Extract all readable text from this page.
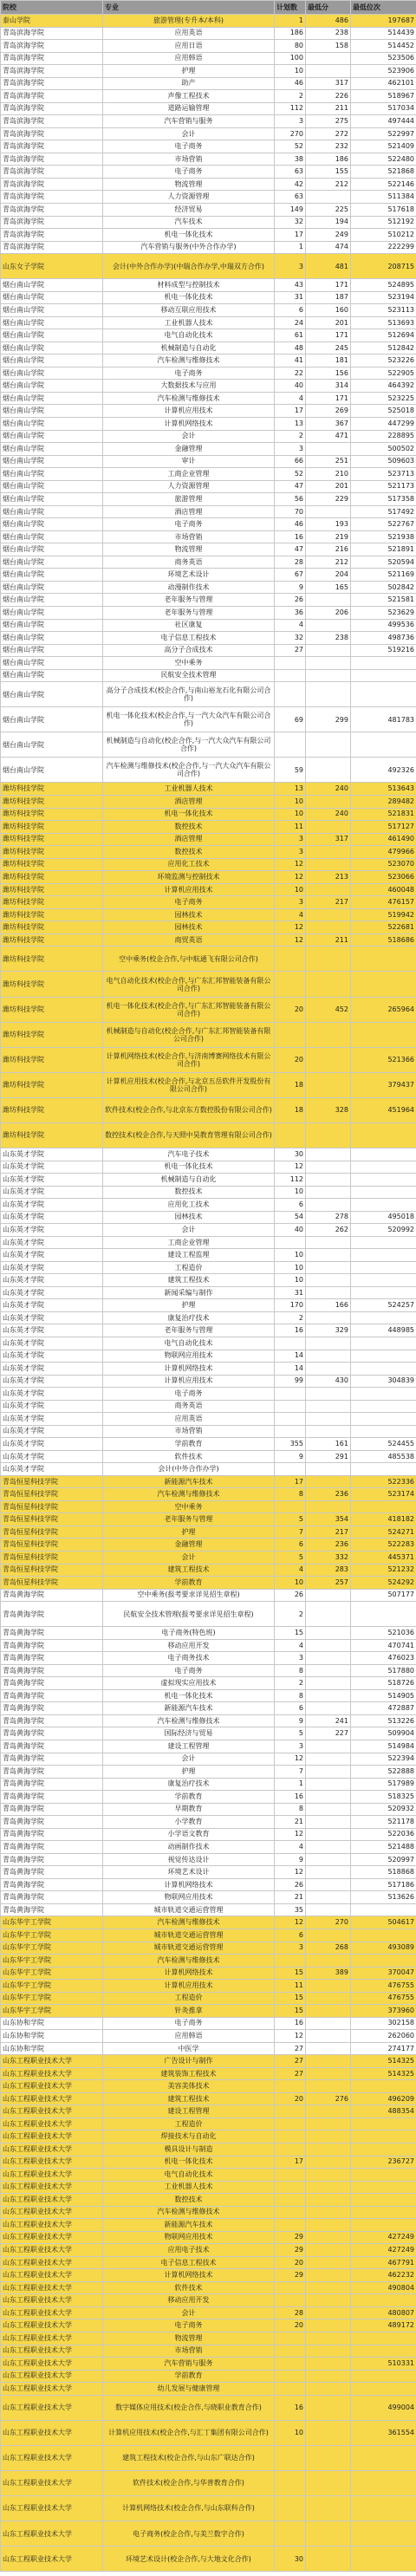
院校	专业	计划数	最低分	最低位次
泰山学院	旅游管理(专升本/本科)	1	486	197687
青岛滨海学院	应用英语	186	238	514439
青岛滨海学院	应用日语	80	158	514452
青岛滨海学院	应用韩语	100		523506
青岛滨海学院	护理	10		523906
青岛滨海学院	助产	46	317	462101
青岛滨海学院	声像工程技术	2	226	518967
青岛滨海学院	道路运输管理	112	211	517034
青岛滨海学院	汽车营销与服务	3	275	497444
青岛滨海学院	会计	270	272	522997
青岛滨海学院	电子商务	52	232	521409
青岛滨海学院	市场营销	38	186	522480
青岛滨海学院	电子商务	63	155	521868
青岛滨海学院	物流管理	42	212	522146
青岛滨海学院	人力资源管理	63		511384
青岛滨海学院	经济贸易	149	225	517618
青岛滨海学院	汽车技术	32	194	512192
青岛滨海学院	机电一体化技术	17	249	510212
青岛滨海学院	汽车营销与服务(中外合作办学)	1	474	222299
山东女子学院	会计(中外合作办学)(中瑞合作办学,中瑞双方合作)	3	481	208715
烟台南山学院	材料成型与控制技术	43	171	524895
烟台南山学院	机电一体化技术	31	187	523194
烟台南山学院	移动互联应用技术	6	160	523113
烟台南山学院	工业机器人技术	24	201	513693
烟台南山学院	电气自动化技术	61	171	512694
烟台南山学院	机械制造与自动化	48	245	512842
烟台南山学院	汽车检测与维修技术	41	181	523226
烟台南山学院	电子商务	22	156	522905
烟台南山学院	大数据技术与应用	40	314	464392
烟台南山学院	汽车检测与维修技术	4	171	523225
烟台南山学院	计算机应用技术	17	269	525018
烟台南山学院	计算机网络技术	13	367	447299
烟台南山学院	会计	2	471	228895
烟台南山学院	金融管理	3		500502
烟台南山学院	审计	66	251	509603
烟台南山学院	工商企业管理	52	210	523713
烟台南山学院	人力资源管理	47	201	521173
烟台南山学院	旅游管理	56	229	517358
烟台南山学院	酒店管理	70		517492
烟台南山学院	电子商务	46	193	522767
烟台南山学院	市场营销	16	219	521938
烟台南山学院	物流管理	47	216	521891
烟台南山学院	商务英语	28	212	520594
烟台南山学院	环境艺术设计	67	204	521169
烟台南山学院	动漫制作技术	9	165	502842
烟台南山学院	老年服务与管理	26		521581
烟台南山学院	老年服务与管理	36	206	523629
烟台南山学院	社区康复	4		499536
烟台南山学院	电子信息工程技术	32	238	498736
烟台南山学院	高分子合成技术	27		519216
烟台南山学院	空中乘务			
烟台南山学院	民航安全技术管理			
烟台南山学院	高分子合成技术(校企合作,与南山裕龙石化有限公司合作)			
烟台南山学院	机电一体化技术(校企合作,与一汽大众汽车有限公司合作)	69	299	481783
烟台南山学院	机械制造与自动化(校企合作,与一汽大众汽车有限公司合作)			
烟台南山学院	汽车检测与维修技术(校企合作,与一汽大众汽车有限公司合作)	59		492326
潍坊科技学院	工业机器人技术	13	240	513643
潍坊科技学院	酒店管理	10		289482
潍坊科技学院	机电一体化技术	10	240	521831
潍坊科技学院	数控技术	11		517127
潍坊科技学院	酒店管理	3	317	461490
潍坊科技学院	数控技术	3		479966
潍坊科技学院	应用化工技术	12		523070
潍坊科技学院	环境监测与控制技术	12	213	523066
潍坊科技学院	计算机应用技术	10		460048
潍坊科技学院	电子商务	3	217	476157
潍坊科技学院	园林技术	4		519942
潍坊科技学院	园林技术	12		522681
潍坊科技学院	商贸英语	12	211	518686
潍坊科技学院	空中乘务(校企合作,与中航通飞有限公司合作)			
潍坊科技学院	电气自动化技术(校企合作,与广东汇邦智能装备有限公司合作)			
潍坊科技学院	机电一体化技术(校企合作,与广东汇邦智能装备有限公司合作)	20	452	265964
潍坊科技学院	机械制造与自动化(校企合作,与广东汇邦智能装备有限公司合作)			
潍坊科技学院	计算机网络技术(校企合作,与济南博赛网络技术有限公司合作)	20		521366
潍坊科技学院	计算机应用技术(校企合作,与北京五岳软件开发股份有限公司合作)	18		379437
潍坊科技学院	软件技术(校企合作,与北京东方数控股份有限公司合作)	18	328	451964
潍坊科技学院	数控技术(校企合作,与天照中昊教育管理有限公司合作)			
山东英才学院	汽车电子技术	30		
山东英才学院	机电一体化技术	12		
山东英才学院	机械制造与自动化	112		
山东英才学院	数控技术	10		
山东英才学院	应用化工技术	6		
山东英才学院	园林技术	54	278	495018
山东英才学院	会计	40	262	520992
山东英才学院	工商企业管理			
山东英才学院	建设工程监理	10		
山东英才学院	工程造价	10		
山东英才学院	建筑工程技术	10		
山东英才学院	新闻采编与制作	31		
山东英才学院	护理	170	166	524257
山东英才学院	康复治疗技术	2		
山东英才学院	老年服务与管理	16	329	448985
山东英才学院	电气自动化技术			
山东英才学院	物联网应用技术	14		
山东英才学院	计算机网络技术	14		
山东英才学院	计算机应用技术	99	430	304839
山东英才学院	电子商务			
山东英才学院	商务英语			
山东英才学院	应用英语			
山东英才学院	市场营销			
山东英才学院	学前教育	355	161	524455
山东英才学院	软件技术	9	291	485538
山东英才学院	会计(中外合作办学)			
青岛恒星科技学院	新能源汽车技术	17		522336
青岛恒星科技学院	汽车检测与维修技术	8	236	523174
青岛恒星科技学院	空中乘务			
青岛恒星科技学院	老年服务与管理	5	354	418182
青岛恒星科技学院	护理	7	217	524271
青岛恒星科技学院	金融管理	6	236	522283
青岛恒星科技学院	会计	5	332	445371
青岛恒星科技学院	建筑工程技术	4	283	521232
青岛恒星科技学院	学前教育	10	257	524292
青岛黄海学院	空中乘务(报考要求详见招生章程)	26		507177
青岛黄海学院	民航安全技术管理(报考要求详见招生章程)	2		
青岛黄海学院	电子商务(特色班)	15		521036
青岛黄海学院	移动应用开发	4		470741
青岛黄海学院	电子商务技术	3		476023
青岛黄海学院	电子商务	8		517880
青岛黄海学院	虚拟现实应用技术	2		518726
青岛黄海学院	机电一体化技术	8		514905
青岛黄海学院	新能源汽车技术	6		472887
青岛黄海学院	汽车检测与维修技术	9	241	513226
青岛黄海学院	国际经济与贸易	5	227	509904
青岛黄海学院	建设工程管理	3		514984
青岛黄海学院	会计	12		522394
青岛黄海学院	护理	7		522888
青岛黄海学院	康复治疗技术	1		517989
青岛黄海学院	学前教育	16		518325
青岛黄海学院	早期教育	8		520932
青岛黄海学院	小学教育	21		521178
青岛黄海学院	小学语文教育	12		522036
青岛黄海学院	动画制作技术	4		521488
青岛黄海学院	视觉传达设计	9		520997
青岛黄海学院	环境艺术设计	12		518868
青岛黄海学院	计算机网络技术	26		517186
青岛黄海学院	物联网应用技术	21		513626
青岛黄海学院	城市轨道交通运营管理	35		
山东华宇工学院	汽车检测与维修技术	12	270	504617
山东华宇工学院	城市轨道交通运营管理	6		
山东华宇工学院	城市轨道交通运营管理	3	268	493089
山东华宇工学院	汽车检测与维修技术			
山东华宇工学院	计算机网络技术	15	389	370047
山东华宇工学院	计算机应用技术	11		476755
山东华宇工学院	工程造价	15		476755
山东华宇工学院	针灸推拿	15		373960
山东协和学院	电子商务	16		302158
山东协和学院	应用韩语	12		262060
山东协和学院	中医学	27		274177
山东工程职业技术大学	广告设计与制作	27		514325
山东工程职业技术大学	建筑装饰工程技术	27		514325
山东工程职业技术大学	美容美体技术			
山东工程职业技术大学	建筑工程技术	20	276	496209
山东工程职业技术大学	建设工程管理			488354
山东工程职业技术大学	工程造价			
山东工程职业技术大学	焊接技术与自动化			
山东工程职业技术大学	模具设计与制造			
山东工程职业技术大学	机电一体化技术	17		236727
山东工程职业技术大学	电气自动化技术			
山东工程职业技术大学	工业机器人技术			
山东工程职业技术大学	数控技术			
山东工程职业技术大学	汽车检测与维修技术			
山东工程职业技术大学	新能源汽车技术			
山东工程职业技术大学	物联网应用技术	29		427249
山东工程职业技术大学	应用电子技术	29		427249
山东工程职业技术大学	电子信息工程技术	20		467791
山东工程职业技术大学	计算机网络技术	29		462232
山东工程职业技术大学	软件技术			490804
山东工程职业技术大学	移动应用开发			
山东工程职业技术大学	会计	28		480807
山东工程职业技术大学	电子商务	20		489172
山东工程职业技术大学	物流管理			
山东工程职业技术大学	市场营销			
山东工程职业技术大学	汽车营销与服务			510331
山东工程职业技术大学	学前教育			
山东工程职业技术大学	幼儿发展与健康管理			
山东工程职业技术大学	数字媒体应用技术(校企合作,与晓职业教育合作)	16		499004
山东工程职业技术大学	计算机应用技术(校企合作,与汇丁集团有限公司合作)	10		361554
山东工程职业技术大学	建筑工程技术(校企合作,与山东广联达合作)			
山东工程职业技术大学	软件技术(校企合作,与华普教育合作)			
山东工程职业技术大学	计算机网络技术(校企合作,与山东联科合作)			
山东工程职业技术大学	电子商务(校企合作,与美兰数字合作)			
山东工程职业技术大学	环境艺术设计(校企合作,与大地文化合作)	30		
